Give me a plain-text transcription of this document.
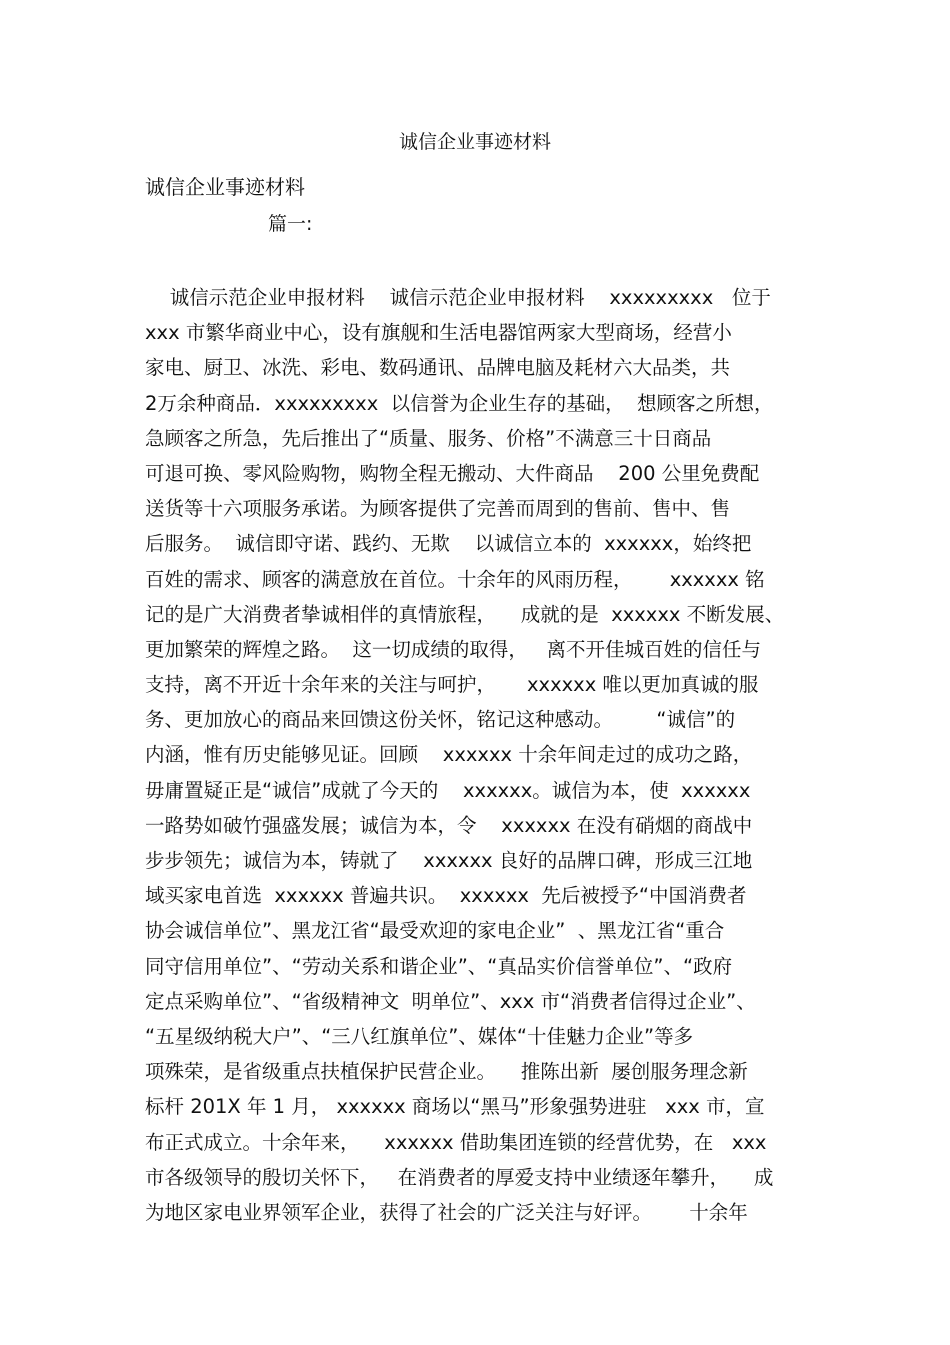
诚信企业事迹材料
诚信企业事迹材料
篇一:
诚信示范企业申报材料    诚信示范企业申报材料    xxxxxxxxx   位于
xxx 市繁华商业中心，设有旗舰和生活电器馆两家大型商场，经营小
家电、厨卫、冰洗、彩电、数码通讯、品牌电脑及耗材六大品类，共
2万余种商品．xxxxxxxxx  以信誉为企业生存的基础，  想顾客之所想，
急顾客之所急，先后推出了“质量、服务、价格”不满意三十日商品
可退可换、零风险购物，购物全程无搬动、大件商品    200 公里免费配
送货等十六项服务承诺。为顾客提供了完善而周到的售前、售中、售
后服务。  诚信即守诺、践约、无欺    以诚信立本的  xxxxxx，始终把
百姓的需求、顾客的满意放在首位。十余年的风雨历程，      xxxxxx 铭
记的是广大消费者挚诚相伴的真情旅程，    成就的是  xxxxxx 不断发展、
更加繁荣的辉煌之路。  这一切成绩的取得，   离不开佳城百姓的信任与
支持，离不开近十余年来的关注与呵护，     xxxxxx 唯以更加真诚的服
务、更加放心的商品来回馈这份关怀，铭记这种感动。       “诚信”的
内涵，惟有历史能够见证。回顾    xxxxxx 十余年间走过的成功之路，
毋庸置疑正是“诚信”成就了今天的    xxxxxx。诚信为本，使  xxxxxx
一路势如破竹强盛发展；诚信为本，令    xxxxxx 在没有硝烟的商战中
步步领先；诚信为本，铸就了    xxxxxx 良好的品牌口碑，形成三江地
域买家电首选  xxxxxx 普遍共识。  xxxxxx  先后被授予“中国消费者
协会诚信单位”、黑龙江省“最受欢迎的家电企业”  、黑龙江省“重合
同守信用单位”、“劳动关系和谐企业”、“真品实价信誉单位”、“政府
定点采购单位”、“省级精神文  明单位”、xxx 市“消费者信得过企业”、
“五星级纳税大户”、“三八红旗单位”、媒体“十佳魅力企业”等多
项殊荣，是省级重点扶植保护民营企业。    推陈出新  屡创服务理念新
标杆 201X 年 1 月， xxxxxx 商场以“黑马”形象强势进驻   xxx 市，宣
布正式成立。十余年来，    xxxxxx 借助集团连锁的经营优势，在   xxx
市各级领导的殷切关怀下，   在消费者的厚爱支持中业绩逐年攀升，    成
为地区家电业界领军企业，获得了社会的广泛关注与好评。      十余年
